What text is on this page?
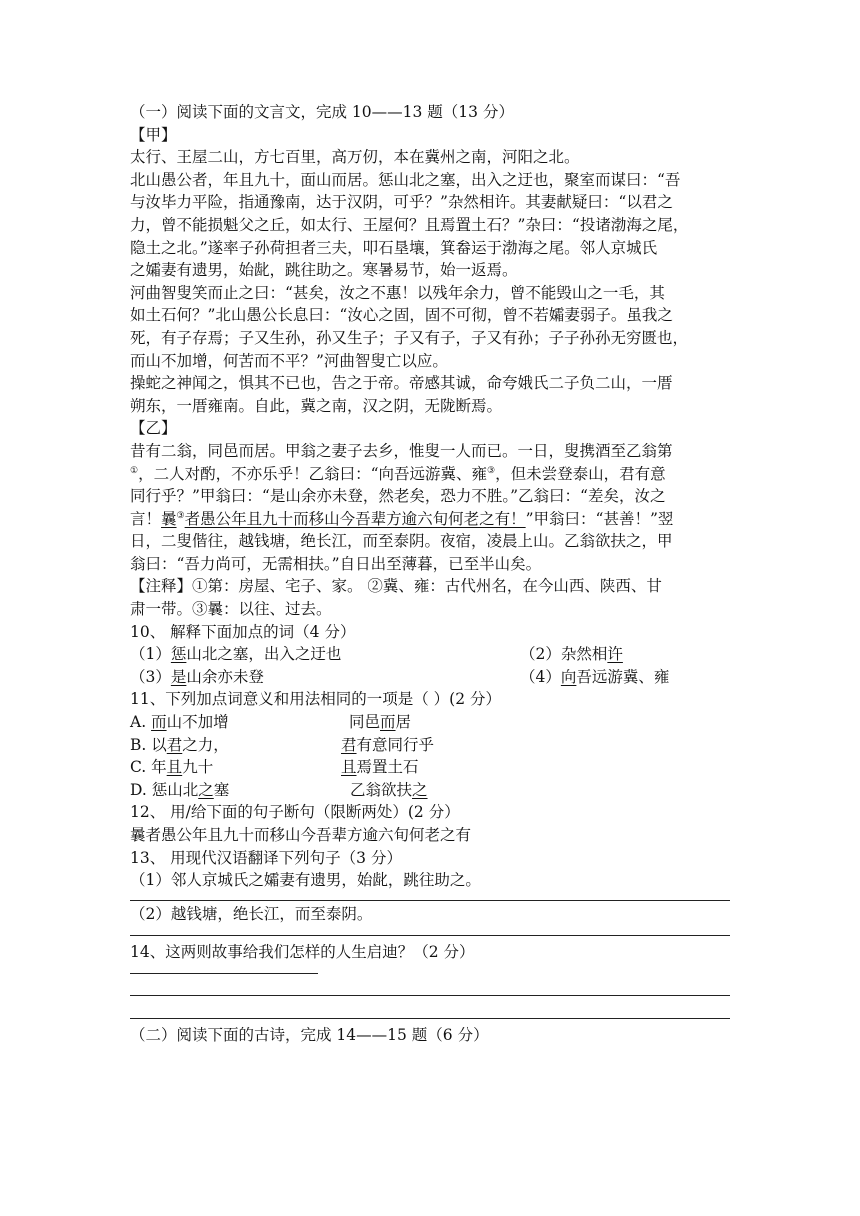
（一）阅读下面的文言文，完成 10——13 题（13 分）

【甲】

太行、王屋二山，方七百里，高万仞，本在冀州之南，河阳之北。

北山愚公者，年且九十，面山而居。惩山北之塞，出入之迂也，聚室而谋曰：“吾

与汝毕力平险，指通豫南，达于汉阴，可乎？”杂然相许。其妻献疑曰：“以君之

力，曾不能损魁父之丘，如太行、王屋何？且焉置土石？”杂曰：“投诸渤海之尾，

隐土之北。”遂率子孙荷担者三夫，叩石垦壤，箕畚运于渤海之尾。邻人京城氏

之孀妻有遗男，始龀，跳往助之。寒暑易节，始一返焉。

河曲智叟笑而止之曰：“甚矣，汝之不惠！以残年余力，曾不能毁山之一毛，其

如土石何？”北山愚公长息曰：“汝心之固，固不可彻，曾不若孀妻弱子。虽我之

死，有子存焉；子又生孙，孙又生子；子又有子，子又有孙；子子孙孙无穷匮也，

而山不加增，何苦而不平？”河曲智叟亡以应。

操蛇之神闻之，惧其不已也，告之于帝。帝感其诚，命夸娥氏二子负二山，一厝

朔东，一厝雍南。自此，冀之南，汉之阴，无陇断焉。

【乙】

昔有二翁，同邑而居。甲翁之妻子去乡，惟叟一人而已。一日，叟携酒至乙翁第

①，二人对酌，不亦乐乎！乙翁曰：“向吾远游冀、雍③，但未尝登泰山，君有意

同行乎？”甲翁曰：“是山余亦未登，然老矣，恐力不胜。”乙翁曰：“差矣，汝之

言！曩③者愚公年且九十而移山今吾辈方逾六旬何老之有！”甲翁曰：“甚善！”翌

日，二叟偕往，越钱塘，绝长江，而至泰阴。夜宿，凌晨上山。乙翁欲扶之，甲

翁曰：“吾力尚可，无需相扶。”自日出至薄暮，已至半山矣。

【注释】①第：房屋、宅子、家。 ②冀、雍：古代州名，在今山西、陕西、甘

肃一带。③曩：以往、过去。

10、 解释下面加点的词（4 分）

（1）惩山北之塞，出入之迂也	（2）杂然相许
（3）是山余亦未登	（4）向吾远游冀、雍

11、下列加点词意义和用法相同的一项是（ ）(2 分）

A. 而山不加增	同邑而居
B. 以君之力，	君有意同行乎
C. 年且九十	且焉置土石
D. 惩山北之塞	乙翁欲扶之

12、 用/给下面的句子断句（限断两处）(2 分）

曩者愚公年且九十而移山今吾辈方逾六旬何老之有

13、 用现代汉语翻译下列句子（3 分）

（1）邻人京城氏之孀妻有遗男，始龀，跳往助之。

（2）越钱塘，绝长江，而至泰阴。

14、这两则故事给我们怎样的人生启迪？（2 分）

（二）阅读下面的古诗，完成 14——15 题（6 分）
